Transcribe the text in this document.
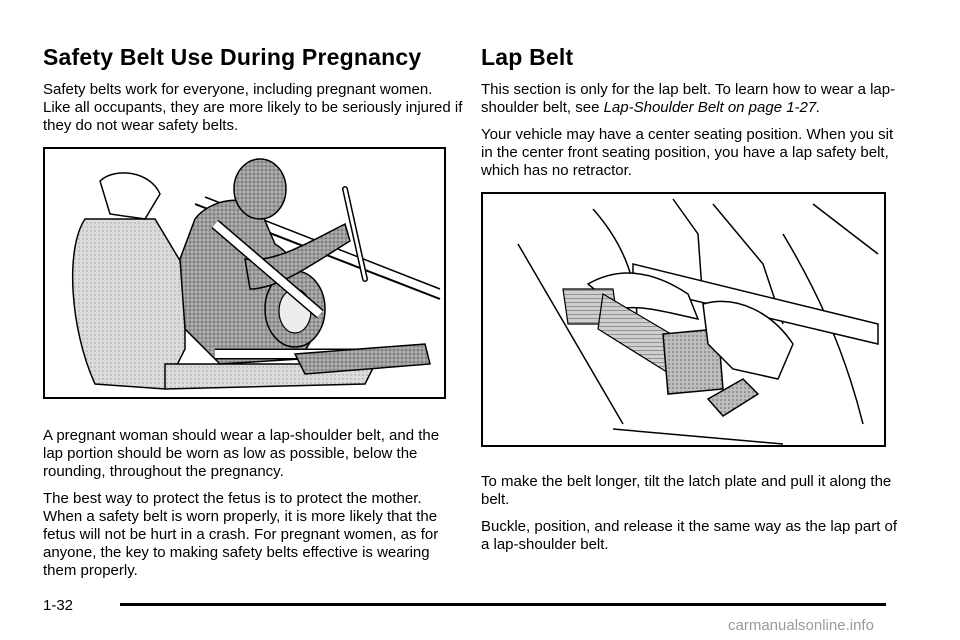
Safety Belt Use During Pregnancy

Safety belts work for everyone, including pregnant women. Like all occupants, they are more likely to be seriously injured if they do not wear safety belts.

A pregnant woman should wear a lap-shoulder belt, and the lap portion should be worn as low as possible, below the rounding, throughout the pregnancy.

The best way to protect the fetus is to protect the mother. When a safety belt is worn properly, it is more likely that the fetus will not be hurt in a crash. For pregnant women, as for anyone, the key to making safety belts effective is wearing them properly.

Lap Belt

This section is only for the lap belt. To learn how to wear a lap-shoulder belt, see Lap-Shoulder Belt on page 1-27.

Your vehicle may have a center seating position. When you sit in the center front seating position, you have a lap safety belt, which has no retractor.

To make the belt longer, tilt the latch plate and pull it along the belt.

Buckle, position, and release it the same way as the lap part of a lap-shoulder belt.

1-32
carmanualsonline.info
